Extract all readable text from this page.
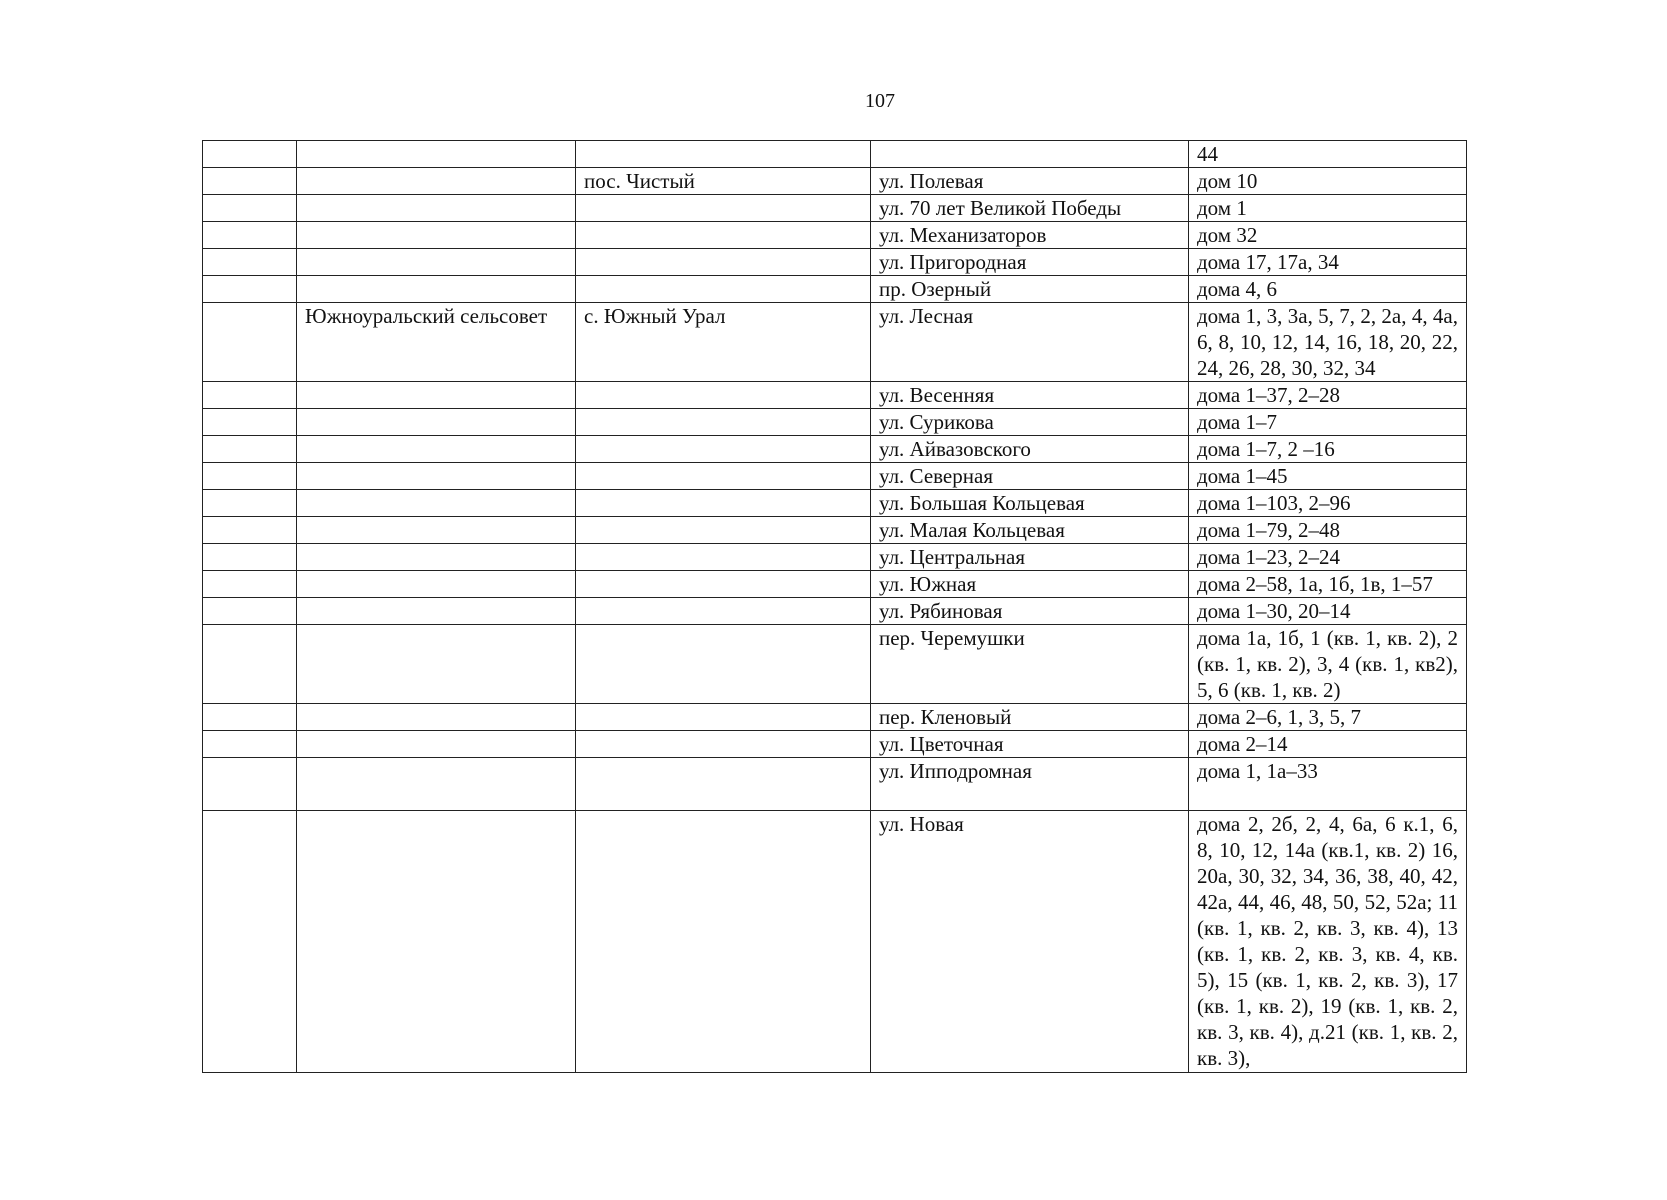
107
				44
		пос. Чистый	ул. Полевая	дом 10
			ул. 70 лет Великой Победы	дом 1
			ул. Механизаторов	дом 32
			ул. Пригородная	дома 17, 17а, 34
			пр. Озерный	дома 4, 6
	Южноуральский сельсовет	с. Южный Урал	ул. Лесная	дома 1, 3, 3а, 5, 7, 2, 2а, 4, 4а, 6, 8, 10, 12, 14, 16, 18, 20, 22, 24, 26, 28, 30, 32, 34
			ул. Весенняя	дома 1–37, 2–28
			ул. Сурикова	дома 1–7
			ул. Айвазовского	дома 1–7, 2 –16
			ул. Северная	дома 1–45
			ул. Большая Кольцевая	дома 1–103, 2–96
			ул. Малая Кольцевая	дома 1–79, 2–48
			ул. Центральная	дома 1–23, 2–24
			ул. Южная	дома 2–58, 1а, 1б, 1в, 1–57
			ул. Рябиновая	дома 1–30, 20–14
			пер. Черемушки	дома 1а, 1б, 1 (кв. 1, кв. 2), 2 (кв. 1, кв. 2), 3, 4 (кв. 1, кв2), 5, 6 (кв. 1, кв. 2)
			пер. Кленовый	дома 2–6, 1, 3, 5, 7
			ул. Цветочная	дома 2–14
			ул. Ипподромная	дома 1, 1а–33
			ул. Новая	дома 2, 2б, 2, 4, 6а, 6 к.1, 6, 8, 10, 12, 14а (кв.1, кв. 2) 16, 20а, 30, 32, 34, 36, 38, 40, 42, 42а, 44, 46, 48, 50, 52, 52а; 11 (кв. 1, кв. 2, кв. 3, кв. 4), 13 (кв. 1, кв. 2, кв. 3, кв. 4, кв. 5), 15 (кв. 1, кв. 2, кв. 3), 17 (кв. 1, кв. 2), 19 (кв. 1, кв. 2, кв. 3, кв. 4), д.21 (кв. 1, кв. 2, кв. 3),
